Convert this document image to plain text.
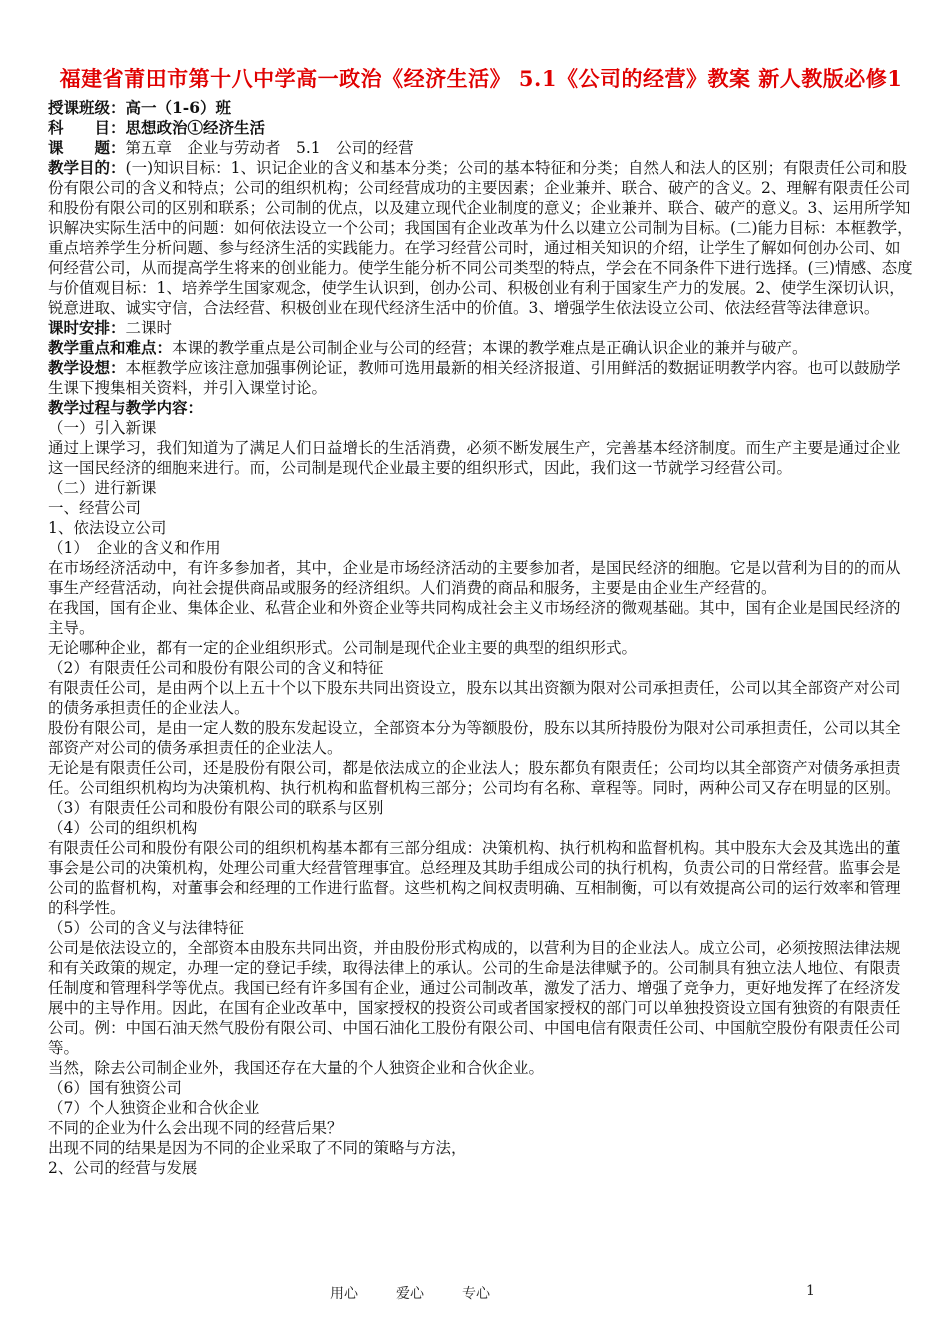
福建省莆田市第十八中学高一政治《经济生活》 5.1《公司的经营》教案 新人教版必修1

授课班级：高一（1-6）班

科　　目：思想政治①经济生活

课　　题：第五章　企业与劳动者　5.1　公司的经营

教学目的：(一)知识目标：1、识记企业的含义和基本分类；公司的基本特征和分类；自然人和法人的区别；有限责任公司和股份有限公司的含义和特点；公司的组织机构；公司经营成功的主要因素；企业兼并、联合、破产的含义。2、理解有限责任公司和股份有限公司的区别和联系；公司制的优点，以及建立现代企业制度的意义；企业兼并、联合、破产的意义。3、运用所学知识解决实际生活中的问题：如何依法设立一个公司；我国国有企业改革为什么以建立公司制为目标。(二)能力目标：本框教学，重点培养学生分析问题、参与经济生活的实践能力。在学习经营公司时，通过相关知识的介绍，让学生了解如何创办公司、如何经营公司，从而提高学生将来的创业能力。使学生能分析不同公司类型的特点，学会在不同条件下进行选择。(三)情感、态度与价值观目标：1、培养学生国家观念，使学生认识到，创办公司、积极创业有利于国家生产力的发展。2、使学生深切认识，锐意进取、诚实守信，合法经营、积极创业在现代经济生活中的价值。3、增强学生依法设立公司、依法经营等法律意识。

课时安排：二课时

教学重点和难点：本课的教学重点是公司制企业与公司的经营；本课的教学难点是正确认识企业的兼并与破产。

教学设想：本框教学应该注意加强事例论证，教师可选用最新的相关经济报道、引用鲜活的数据证明教学内容。也可以鼓励学生课下搜集相关资料，并引入课堂讨论。

教学过程与教学内容：

（一）引入新课

通过上课学习，我们知道为了满足人们日益增长的生活消费，必须不断发展生产，完善基本经济制度。而生产主要是通过企业这一国民经济的细胞来进行。而，公司制是现代企业最主要的组织形式，因此，我们这一节就学习经营公司。

（二）进行新课

一、经营公司

1、依法设立公司

（1）　企业的含义和作用

在市场经济活动中，有许多参加者，其中，企业是市场经济活动的主要参加者，是国民经济的细胞。它是以营利为目的的而从事生产经营活动，向社会提供商品或服务的经济组织。人们消费的商品和服务，主要是由企业生产经营的。

在我国，国有企业、集体企业、私营企业和外资企业等共同构成社会主义市场经济的微观基础。其中，国有企业是国民经济的主导。

无论哪种企业，都有一定的企业组织形式。公司制是现代企业主要的典型的组织形式。

（2）有限责任公司和股份有限公司的含义和特征

有限责任公司，是由两个以上五十个以下股东共同出资设立，股东以其出资额为限对公司承担责任，公司以其全部资产对公司的债务承担责任的企业法人。

股份有限公司，是由一定人数的股东发起设立，全部资本分为等额股份，股东以其所持股份为限对公司承担责任，公司以其全部资产对公司的债务承担责任的企业法人。

无论是有限责任公司，还是股份有限公司，都是依法成立的企业法人；股东都负有限责任；公司均以其全部资产对债务承担责任。公司组织机构均为决策机构、执行机构和监督机构三部分；公司均有名称、章程等。同时，两种公司又存在明显的区别。

（3）有限责任公司和股份有限公司的联系与区别

（4）公司的组织机构

有限责任公司和股份有限公司的组织机构基本都有三部分组成：决策机构、执行机构和监督机构。其中股东大会及其选出的董事会是公司的决策机构，处理公司重大经营管理事宜。总经理及其助手组成公司的执行机构，负责公司的日常经营。监事会是公司的监督机构，对董事会和经理的工作进行监督。这些机构之间权责明确、互相制衡，可以有效提高公司的运行效率和管理的科学性。

（5）公司的含义与法律特征

公司是依法设立的，全部资本由股东共同出资，并由股份形式构成的，以营利为目的企业法人。成立公司，必须按照法律法规和有关政策的规定，办理一定的登记手续，取得法律上的承认。公司的生命是法律赋予的。公司制具有独立法人地位、有限责任制度和管理科学等优点。我国已经有许多国有企业，通过公司制改革，激发了活力、增强了竞争力，更好地发挥了在经济发展中的主导作用。因此，在国有企业改革中，国家授权的投资公司或者国家授权的部门可以单独投资设立国有独资的有限责任公司。例：中国石油天然气股份有限公司、中国石油化工股份有限公司、中国电信有限责任公司、中国航空股份有限责任公司等。

当然，除去公司制企业外，我国还存在大量的个人独资企业和合伙企业。

（6）国有独资公司

（7）个人独资企业和合伙企业

不同的企业为什么会出现不同的经营后果？

出现不同的结果是因为不同的企业采取了不同的策略与方法，

2、公司的经营与发展

用心	爱心	专心	1
